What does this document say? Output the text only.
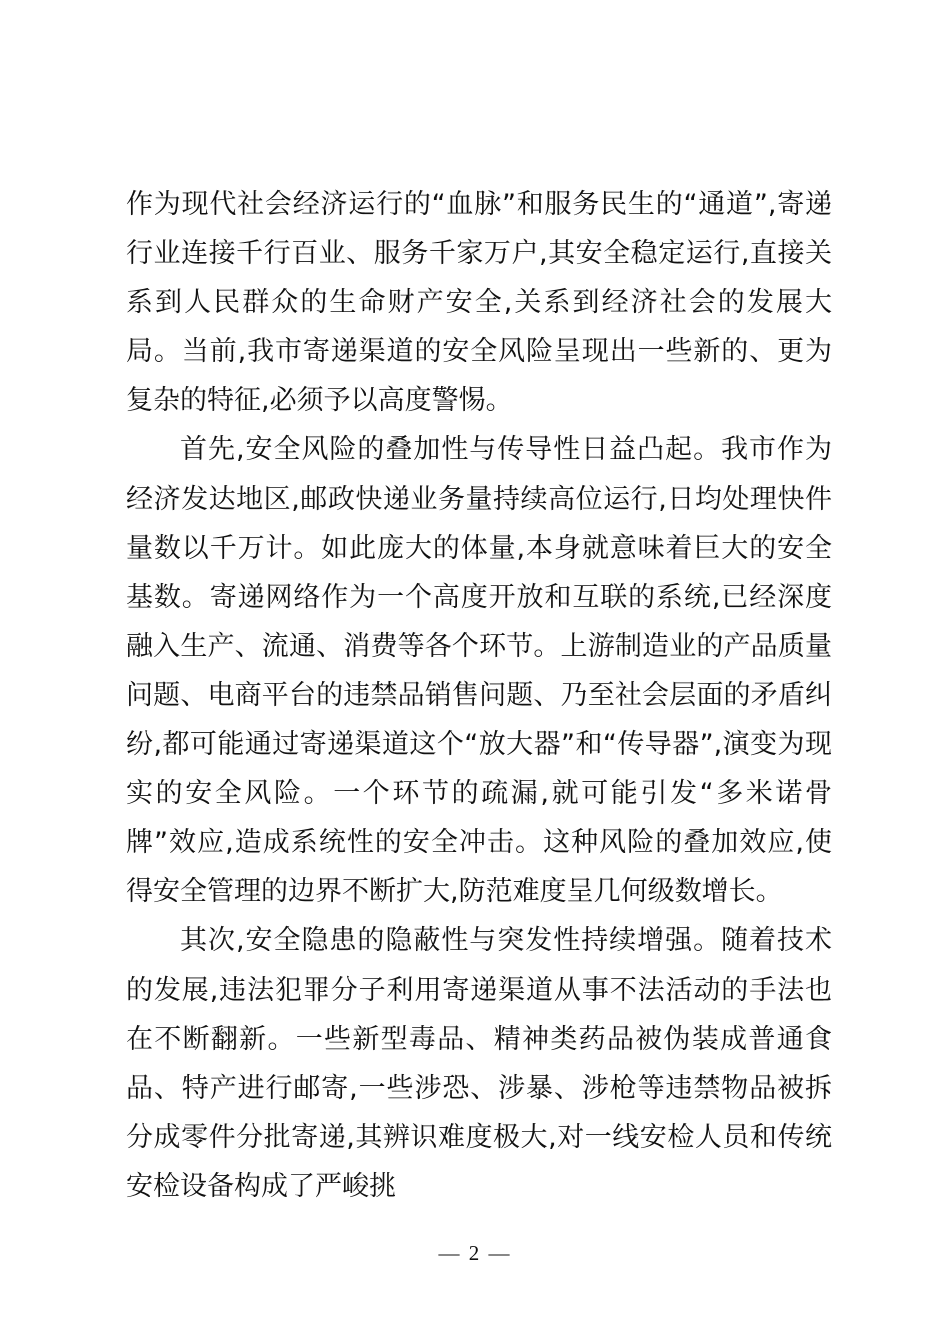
作为现代社会经济运行的“血脉”和服务民生的“通道”,寄递行业连接千行百业、服务千家万户,其安全稳定运行,直接关系到人民群众的生命财产安全,关系到经济社会的发展大局。当前,我市寄递渠道的安全风险呈现出一些新的、更为复杂的特征,必须予以高度警惕。

首先,安全风险的叠加性与传导性日益凸起。我市作为经济发达地区,邮政快递业务量持续高位运行,日均处理快件量数以千万计。如此庞大的体量,本身就意味着巨大的安全基数。寄递网络作为一个高度开放和互联的系统,已经深度融入生产、流通、消费等各个环节。上游制造业的产品质量问题、电商平台的违禁品销售问题、乃至社会层面的矛盾纠纷,都可能通过寄递渠道这个“放大器”和“传导器”,演变为现实的安全风险。一个环节的疏漏,就可能引发“多米诺骨牌”效应,造成系统性的安全冲击。这种风险的叠加效应,使得安全管理的边界不断扩大,防范难度呈几何级数增长。

其次,安全隐患的隐蔽性与突发性持续增强。随着技术的发展,违法犯罪分子利用寄递渠道从事不法活动的手法也在不断翻新。一些新型毒品、精神类药品被伪装成普通食品、特产进行邮寄,一些涉恐、涉暴、涉枪等违禁物品被拆分成零件分批寄递,其辨识难度极大,对一线安检人员和传统安检设备构成了严峻挑

— 2 —
